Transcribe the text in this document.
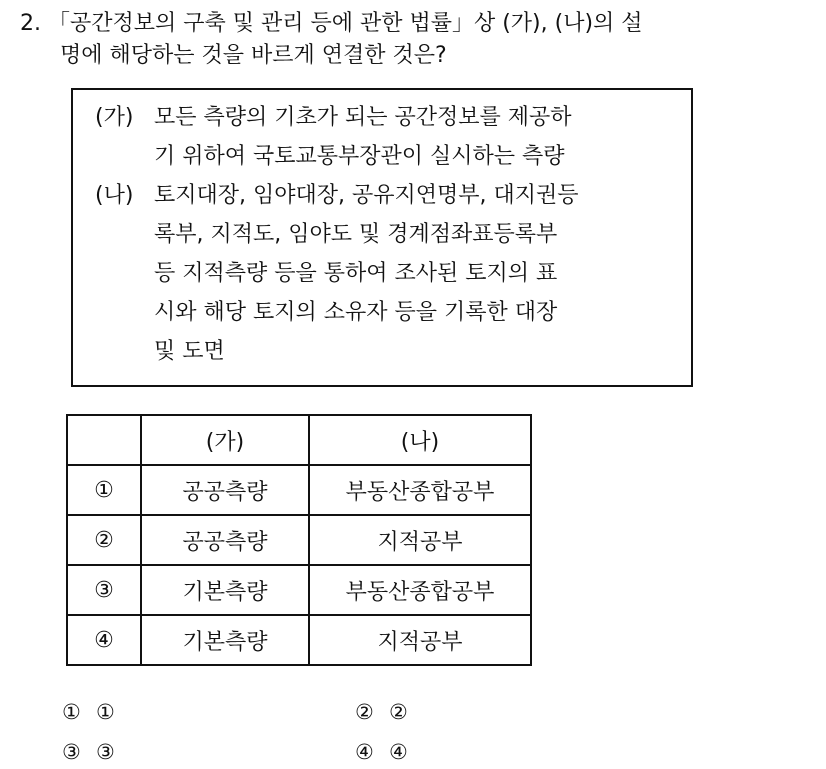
2. 「공간정보의 구축 및 관리 등에 관한 법률」상 (가), (나)의 설
명에 해당하는 것을 바르게 연결한 것은?
(가) 모든 측량의 기초가 되는 공간정보를 제공하
기 위하여 국토교통부장관이 실시하는 측량
(나) 토지대장, 임야대장, 공유지연명부, 대지권등
록부, 지적도, 임야도 및 경계점좌표등록부
등 지적측량 등을 통하여 조사된 토지의 표
시와 해당 토지의 소유자 등을 기록한 대장
및 도면
	(가)	(나)
①	공공측량	부동산종합공부
②	공공측량	지적공부
③	기본측량	부동산종합공부
④	기본측량	지적공부
① ①	② ②
③ ③	④ ④
